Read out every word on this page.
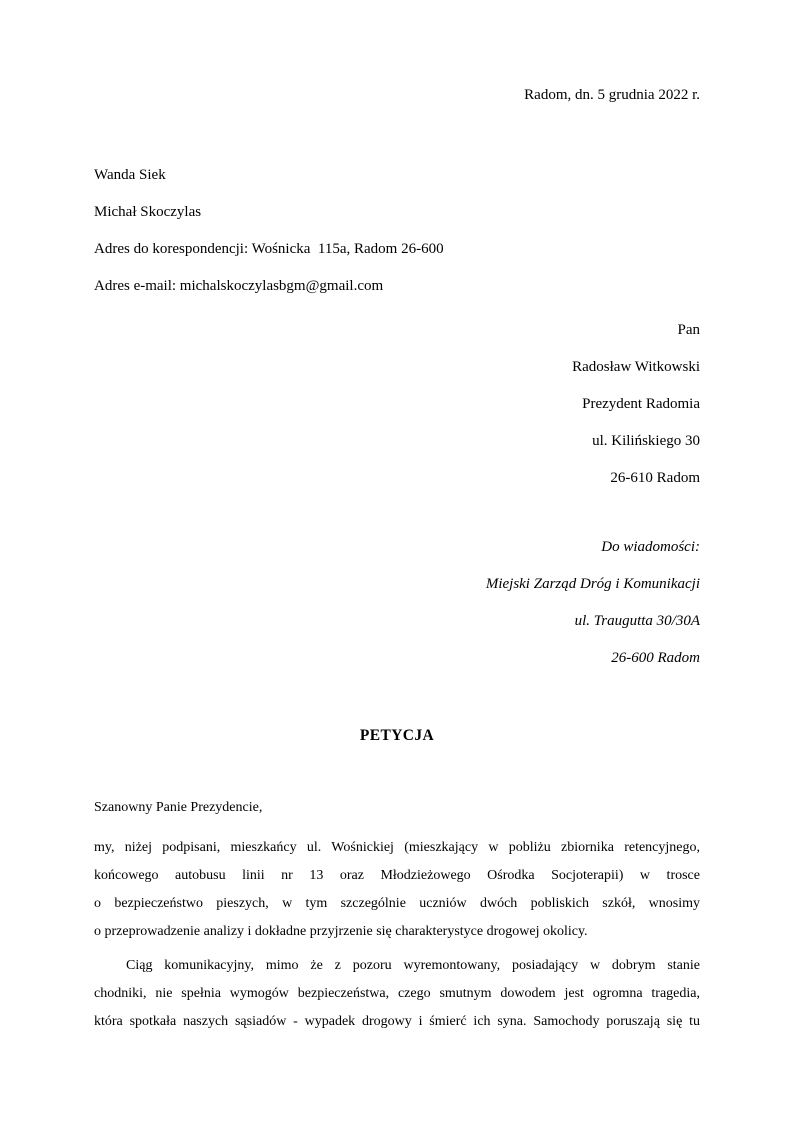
Radom, dn. 5 grudnia 2022 r.
Wanda Siek
Michał Skoczylas
Adres do korespondencji: Wośnicka  115a, Radom 26-600
Adres e-mail: michalskoczylasbgm@gmail.com
Pan
Radosław Witkowski
Prezydent Radomia
ul. Kilińskiego 30
26-610 Radom
Do wiadomości:
Miejski Zarząd Dróg i Komunikacji
ul. Traugutta 30/30A
26-600 Radom
PETYCJA
Szanowny Panie Prezydencie,
my, niżej podpisani, mieszkańcy ul. Wośnickiej (mieszkający w pobliżu zbiornika retencyjnego,
końcowego autobusu linii nr 13 oraz Młodzieżowego Ośrodka Socjoterapii) w trosce
o bezpieczeństwo pieszych, w tym szczególnie uczniów dwóch pobliskich szkół, wnosimy
o przeprowadzenie analizy i dokładne przyjrzenie się charakterystyce drogowej okolicy.
Ciąg komunikacyjny, mimo że z pozoru wyremontowany, posiadający w dobrym stanie
chodniki, nie spełnia wymogów bezpieczeństwa, czego smutnym dowodem jest ogromna tragedia,
która spotkała naszych sąsiadów - wypadek drogowy i śmierć ich syna. Samochody poruszają się tu
